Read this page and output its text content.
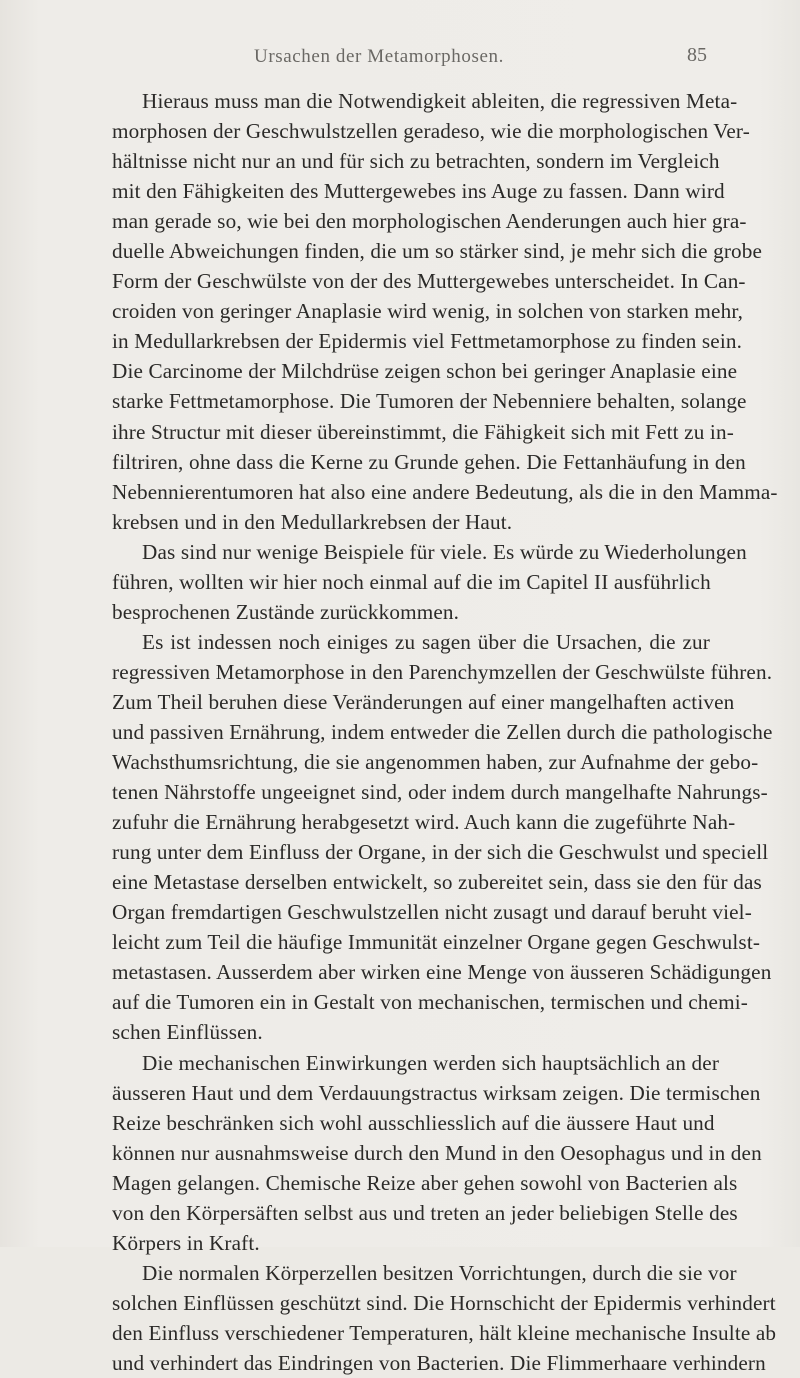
Ursachen der Metamorphosen.	85
Hieraus muss man die Notwendigkeit ableiten, die regressiven Meta-
morphosen der Geschwulstzellen geradeso, wie die morphologischen Ver-
hältnisse nicht nur an und für sich zu betrachten, sondern im Vergleich
mit den Fähigkeiten des Muttergewebes ins Auge zu fassen. Dann wird
man gerade so, wie bei den morphologischen Aenderungen auch hier gra-
duelle Abweichungen finden, die um so stärker sind, je mehr sich die grobe
Form der Geschwülste von der des Muttergewebes unterscheidet. In Can-
croiden von geringer Anaplasie wird wenig, in solchen von starken mehr,
in Medullarkrebsen der Epidermis viel Fettmetamorphose zu finden sein.
Die Carcinome der Milchdrüse zeigen schon bei geringer Anaplasie eine
starke Fettmetamorphose. Die Tumoren der Nebenniere behalten, solange
ihre Structur mit dieser übereinstimmt, die Fähigkeit sich mit Fett zu in-
filtriren, ohne dass die Kerne zu Grunde gehen. Die Fettanhäufung in den
Nebennierentumoren hat also eine andere Bedeutung, als die in den Mamma-
krebsen und in den Medullarkrebsen der Haut.
Das sind nur wenige Beispiele für viele. Es würde zu Wiederholungen
führen, wollten wir hier noch einmal auf die im Capitel II ausführlich
besprochenen Zustände zurückkommen.
Es ist indessen noch einiges zu sagen über die Ursachen, die zur
regressiven Metamorphose in den Parenchymzellen der Geschwülste führen.
Zum Theil beruhen diese Veränderungen auf einer mangelhaften activen
und passiven Ernährung, indem entweder die Zellen durch die pathologische
Wachsthumsrichtung, die sie angenommen haben, zur Aufnahme der gebo-
tenen Nährstoffe ungeeignet sind, oder indem durch mangelhafte Nahrungs-
zufuhr die Ernährung herabgesetzt wird. Auch kann die zugeführte Nah-
rung unter dem Einfluss der Organe, in der sich die Geschwulst und speciell
eine Metastase derselben entwickelt, so zubereitet sein, dass sie den für das
Organ fremdartigen Geschwulstzellen nicht zusagt und darauf beruht viel-
leicht zum Teil die häufige Immunität einzelner Organe gegen Geschwulst-
metastasen. Ausserdem aber wirken eine Menge von äusseren Schädigungen
auf die Tumoren ein in Gestalt von mechanischen, termischen und chemi-
schen Einflüssen.
Die mechanischen Einwirkungen werden sich hauptsächlich an der
äusseren Haut und dem Verdauungstractus wirksam zeigen. Die termischen
Reize beschränken sich wohl ausschliesslich auf die äussere Haut und
können nur ausnahmsweise durch den Mund in den Oesophagus und in den
Magen gelangen. Chemische Reize aber gehen sowohl von Bacterien als
von den Körpersäften selbst aus und treten an jeder beliebigen Stelle des
Körpers in Kraft.
Die normalen Körperzellen besitzen Vorrichtungen, durch die sie vor
solchen Einflüssen geschützt sind. Die Hornschicht der Epidermis verhindert
den Einfluss verschiedener Temperaturen, hält kleine mechanische Insulte ab
und verhindert das Eindringen von Bacterien. Die Flimmerhaare verhindern
